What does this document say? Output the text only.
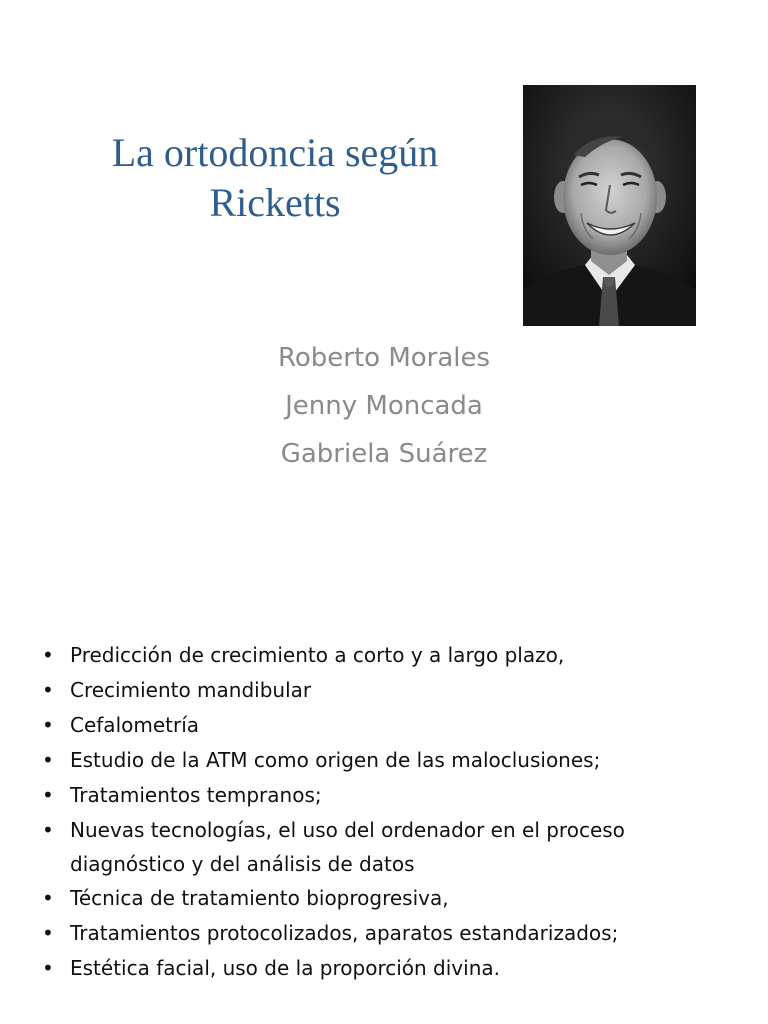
La ortodoncia según
Ricketts
Roberto Morales
Jenny Moncada
Gabriela Suárez
• Predicción de crecimiento a corto y a largo plazo,
• Crecimiento mandibular
• Cefalometría
• Estudio de la ATM como origen de las maloclusiones;
• Tratamientos tempranos;
• Nuevas tecnologías, el uso del ordenador en el proceso diagnóstico y del análisis de datos
• Técnica de tratamiento bioprogresiva,
• Tratamientos protocolizados, aparatos estandarizados;
• Estética facial, uso de la proporción divina.
